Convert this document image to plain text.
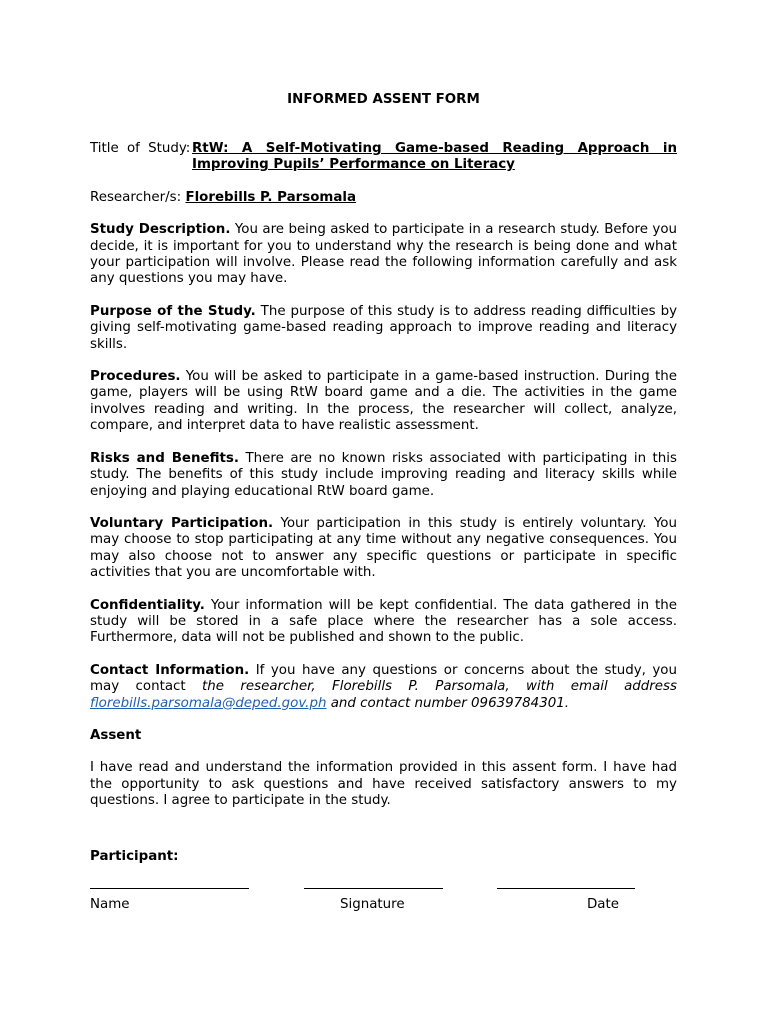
INFORMED ASSENT FORM
Title of Study: RtW: A Self-Motivating Game-based Reading Approach in Improving Pupils’ Performance on Literacy
Researcher/s: Florebills P. Parsomala

Study Description. You are being asked to participate in a research study. Before you decide, it is important for you to understand why the research is being done and what your participation will involve. Please read the following information carefully and ask any questions you may have.

Purpose of the Study. The purpose of this study is to address reading difficulties by giving self-motivating game-based reading approach to improve reading and literacy skills.

Procedures. You will be asked to participate in a game-based instruction. During the game, players will be using RtW board game and a die. The activities in the game involves reading and writing. In the process, the researcher will collect, analyze, compare, and interpret data to have realistic assessment.

Risks and Benefits. There are no known risks associated with participating in this study. The benefits of this study include improving reading and literacy skills while enjoying and playing educational RtW board game.

Voluntary Participation. Your participation in this study is entirely voluntary. You may choose to stop participating at any time without any negative consequences. You may also choose not to answer any specific questions or participate in specific activities that you are uncomfortable with.

Confidentiality. Your information will be kept confidential. The data gathered in the study will be stored in a safe place where the researcher has a sole access. Furthermore, data will not be published and shown to the public.

Contact Information. If you have any questions or concerns about the study, you may contact the researcher, Florebills P. Parsomala, with email address florebills.parsomala@deped.gov.ph and contact number 09639784301.

Assent

I have read and understand the information provided in this assent form. I have had the opportunity to ask questions and have received satisfactory answers to my questions. I agree to participate in the study.

Participant:
Name	Signature	Date
